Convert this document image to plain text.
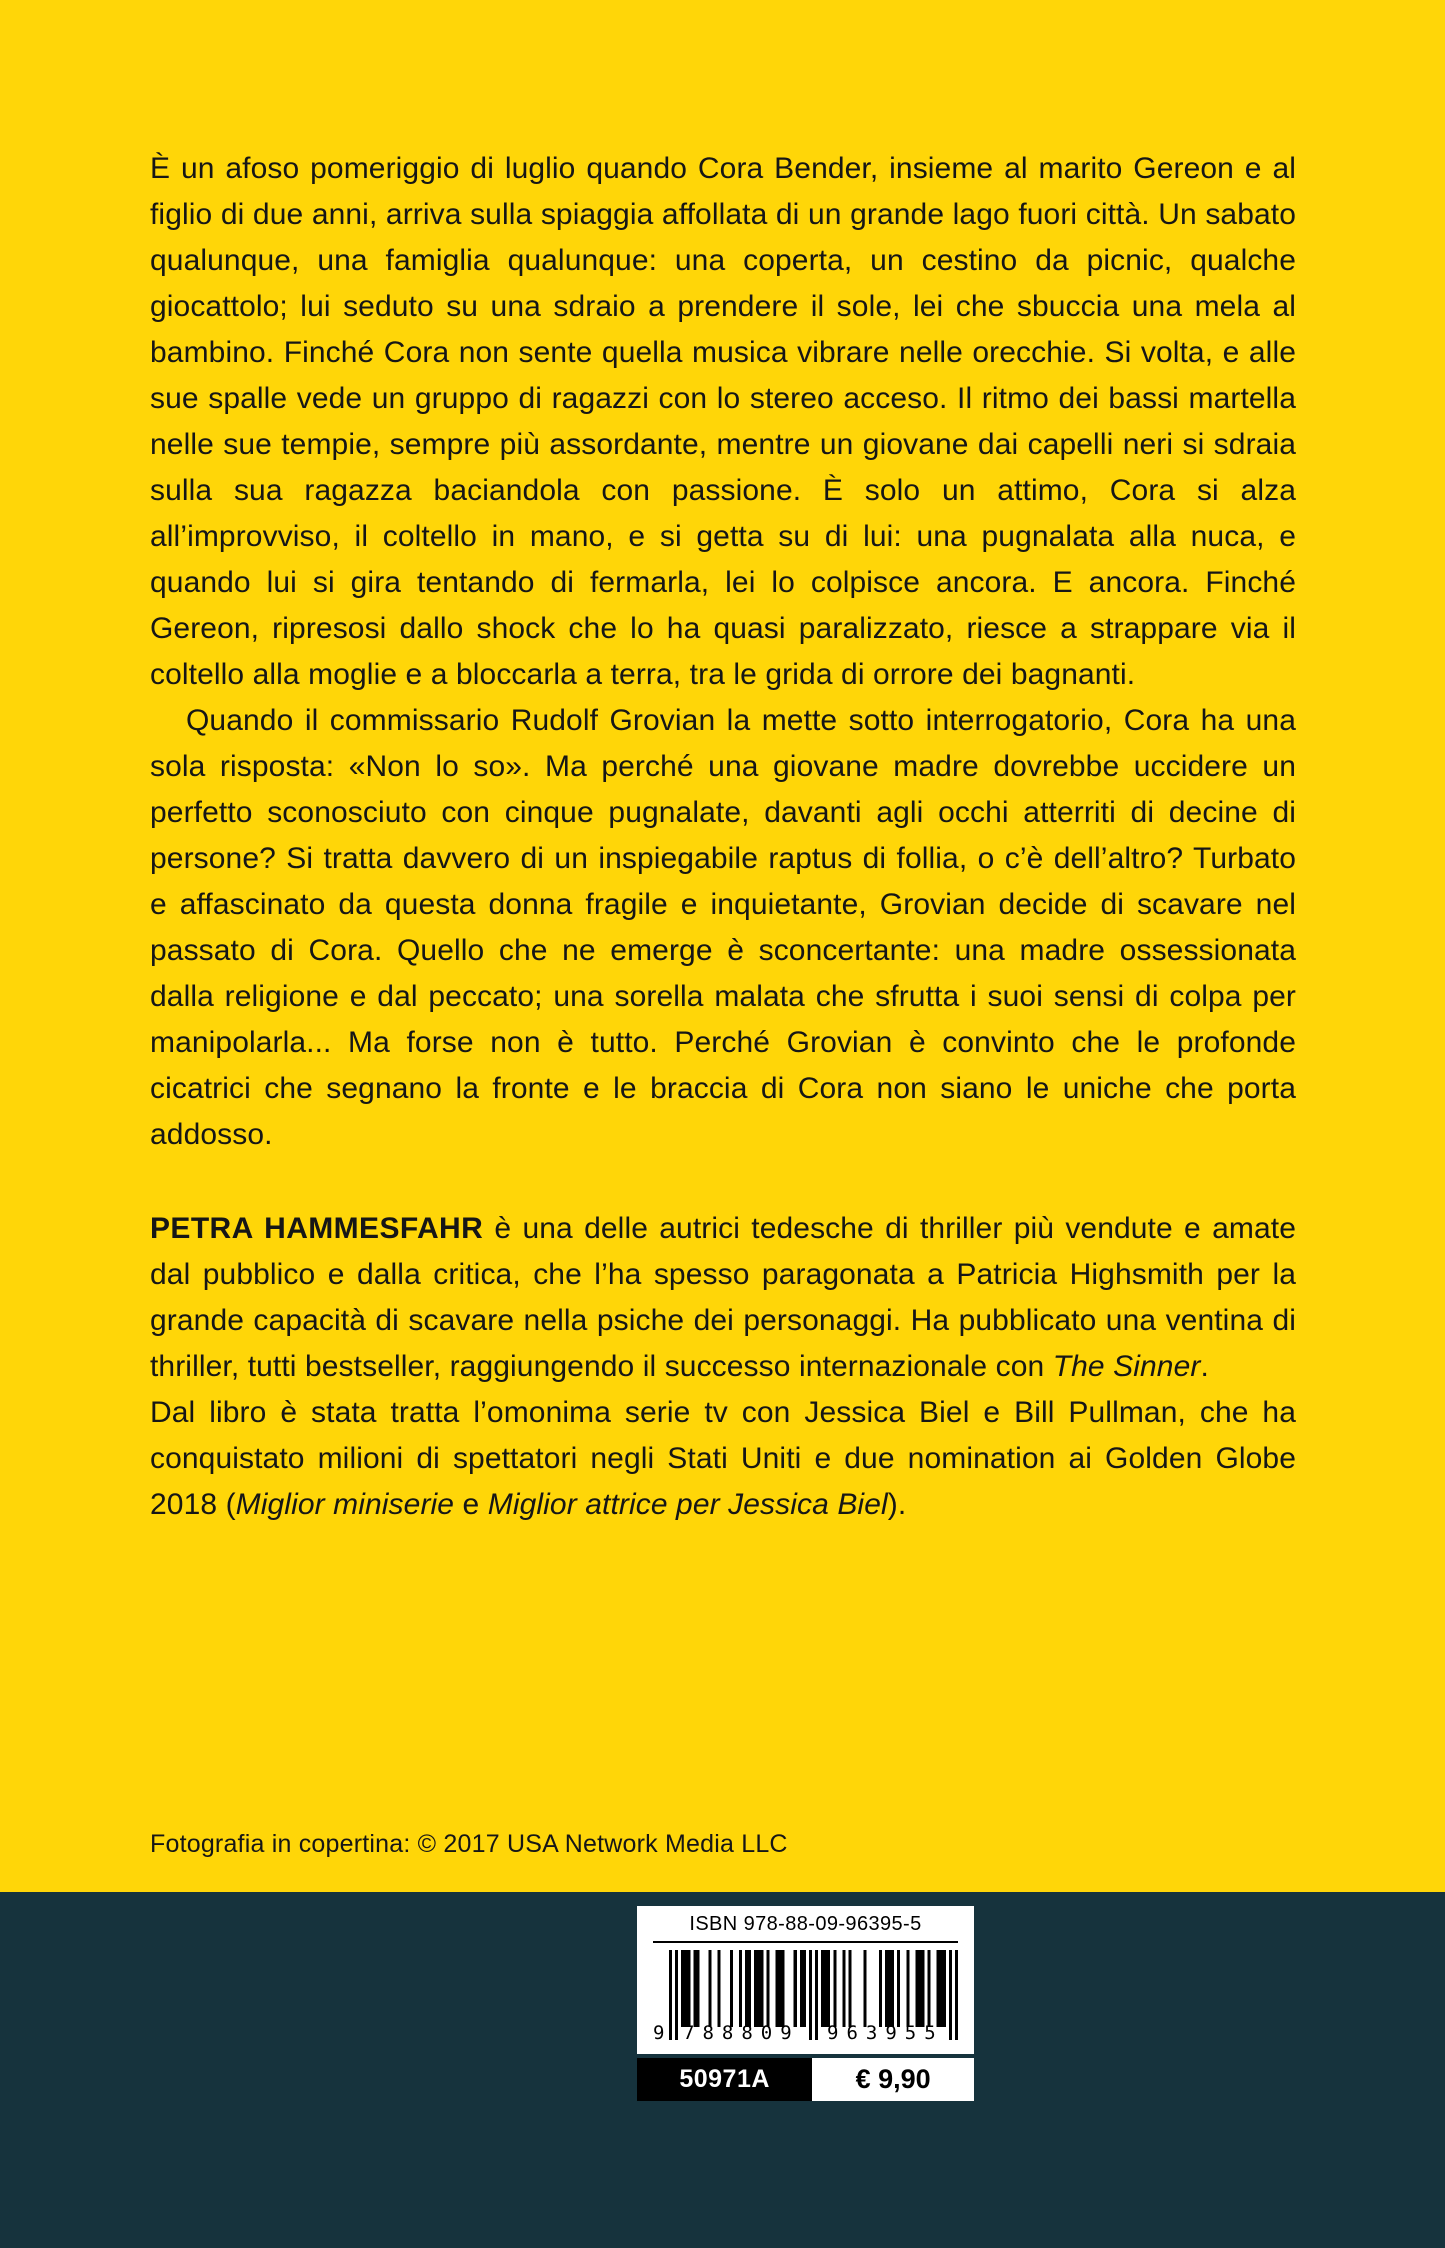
È un afoso pomeriggio di luglio quando Cora Bender, insieme al marito Gereon e al figlio di due anni, arriva sulla spiaggia affollata di un grande lago fuori città. Un sabato qualunque, una famiglia qualunque: una coperta, un cestino da picnic, qualche giocattolo; lui seduto su una sdraio a prendere il sole, lei che sbuccia una mela al bambino. Finché Cora non sente quella musica vibrare nelle orecchie. Si volta, e alle sue spalle vede un gruppo di ragazzi con lo stereo acceso. Il ritmo dei bassi martella nelle sue tempie, sempre più assordante, mentre un giovane dai capelli neri si sdraia sulla sua ragazza baciandola con passione. È solo un attimo, Cora si alza all’improvviso, il coltello in mano, e si getta su di lui: una pugnalata alla nuca, e quando lui si gira tentando di fermarla, lei lo colpisce ancora. E ancora. Finché Gereon, ripresosi dallo shock che lo ha quasi paralizzato, riesce a strappare via il coltello alla moglie e a bloccarla a terra, tra le grida di orrore dei bagnanti.

Quando il commissario Rudolf Grovian la mette sotto interrogatorio, Cora ha una sola risposta: «Non lo so». Ma perché una giovane madre dovrebbe uccidere un perfetto sconosciuto con cinque pugnalate, davanti agli occhi atterriti di decine di persone? Si tratta davvero di un inspiegabile raptus di follia, o c’è dell’altro? Turbato e affascinato da questa donna fragile e inquietante, Grovian decide di scavare nel passato di Cora. Quello che ne emerge è sconcertante: una madre ossessionata dalla religione e dal peccato; una sorella malata che sfrutta i suoi sensi di colpa per manipolarla... Ma forse non è tutto. Perché Grovian è convinto che le profonde cicatrici che segnano la fronte e le braccia di Cora non siano le uniche che porta addosso.

PETRA HAMMESFAHR è una delle autrici tedesche di thriller più vendute e amate dal pubblico e dalla critica, che l’ha spesso paragonata a Patricia Highsmith per la grande capacità di scavare nella psiche dei personaggi. Ha pubblicato una ventina di thriller, tutti bestseller, raggiungendo il successo internazionale con The Sinner.

Dal libro è stata tratta l’omonima serie tv con Jessica Biel e Bill Pullman, che ha conquistato milioni di spettatori negli Stati Uniti e due nomination ai Golden Globe 2018 (Miglior miniserie e Miglior attrice per Jessica Biel).

Fotografia in copertina: © 2017 USA Network Media LLC
ISBN 978-88-09-96395-5
9 788809 963955
50971A	€ 9,90
